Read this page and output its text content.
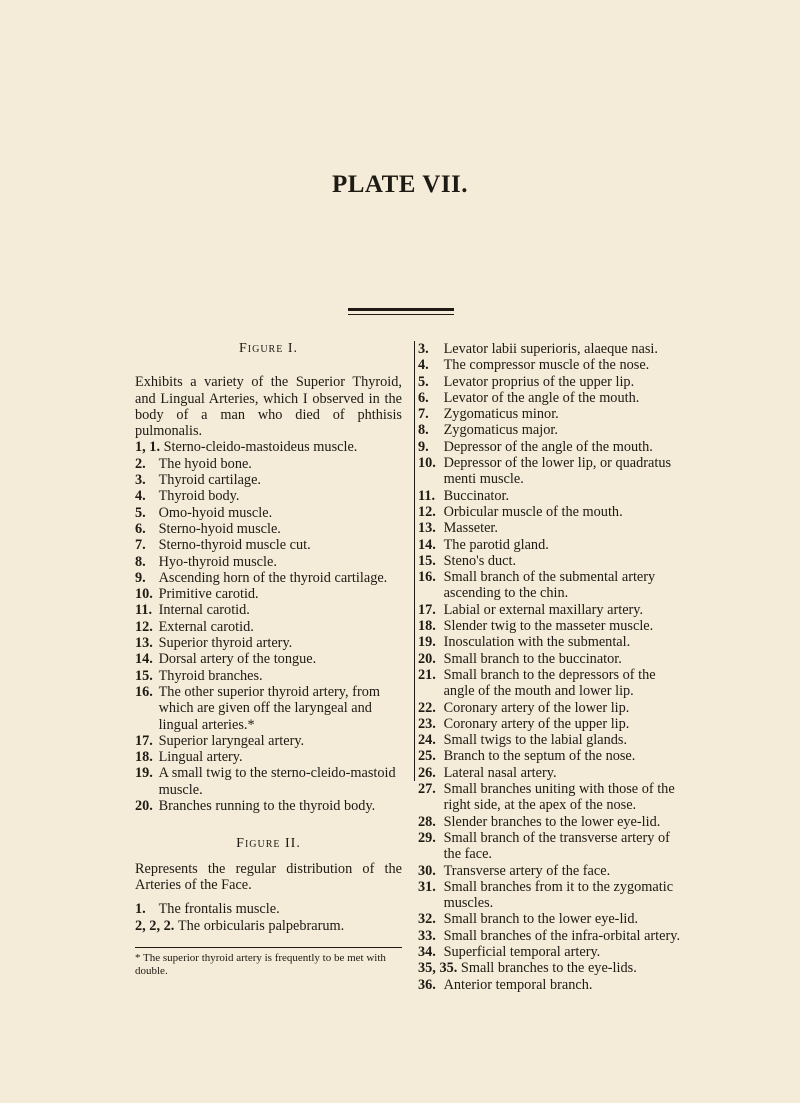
PLATE VII.
Figure I.

Exhibits a variety of the Superior Thyroid, and Lingual Arteries, which I observed in the body of a man who died of phthisis pulmonalis.

1, 1.
Sterno-cleido-mastoideus muscle.
2.
The hyoid bone.
3.
Thyroid cartilage.
4.
Thyroid body.
5.
Omo-hyoid muscle.
6.
Sterno-hyoid muscle.
7.
Sterno-thyroid muscle cut.
8.
Hyo-thyroid muscle.
9.
Ascending horn of the thyroid cartilage.
10.
Primitive carotid.
11.
Internal carotid.
12.
External carotid.
13.
Superior thyroid artery.
14.
Dorsal artery of the tongue.
15.
Thyroid branches.
16.
The other superior thyroid artery, from which are given off the laryngeal and lingual arteries.*
17.
Superior laryngeal artery.
18.
Lingual artery.
19.
A small twig to the sterno-cleido-mastoid muscle.
20.
Branches running to the thyroid body.
Figure II.

Represents the regular distribution of the Arteries of the Face.

1.
The frontalis muscle.
2, 2, 2.
The orbicularis palpebrarum.

* The superior thyroid artery is frequently to be met with double.

3.
	Levator labii superioris, alaeque nasi.
4.
	The compressor muscle of the nose.
5.
	Levator proprius of the upper lip.
6.
	Levator of the angle of the mouth.
7.
	Zygomaticus minor.
8.
	Zygomaticus major.
9.
	Depressor of the angle of the mouth.
10.
Depressor of the lower lip, or quadratus menti muscle.
11.
Buccinator.
12.
Orbicular muscle of the mouth.
13.
Masseter.
14.
The parotid gland.
15.
Steno's duct.
16.
Small branch of the submental artery ascending to the chin.
17.
Labial or external maxillary artery.
18.
Slender twig to the masseter muscle.
19.
Inosculation with the submental.
20.
Small branch to the buccinator.
21.
Small branch to the depressors of the angle of the mouth and lower lip.
22.
Coronary artery of the lower lip.
23.
Coronary artery of the upper lip.
24.
Small twigs to the labial glands.
25.
Branch to the septum of the nose.
26.
Lateral nasal artery.
27.
Small branches uniting with those of the right side, at the apex of the nose.
28.
Slender branches to the lower eye-lid.
29.
Small branch of the transverse artery of the face.
30.
Transverse artery of the face.
31.
Small branches from it to the zygomatic muscles.
32.
Small branch to the lower eye-lid.
33.
Small branches of the infra-orbital artery.
34.
Superficial temporal artery.
35, 35.
Small branches to the eye-lids.
36.
Anterior temporal branch.
